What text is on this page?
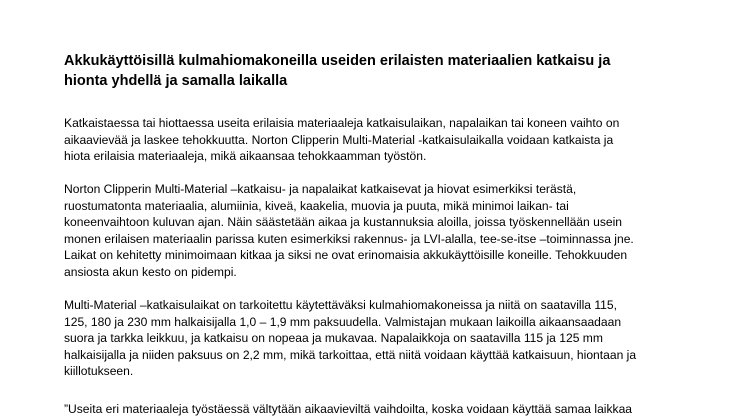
Akkukäyttöisillä kulmahiomakoneilla useiden erilaisten materiaalien katkaisu ja
hionta yhdellä ja samalla laikalla

Katkaistaessa tai hiottaessa useita erilaisia materiaaleja katkaisulaikan, napalaikan tai koneen vaihto on
aikaavievää ja laskee tehokkuutta. Norton Clipperin Multi-Material -katkaisulaikalla voidaan katkaista ja
hiota erilaisia materiaaleja, mikä aikaansaa tehokkaamman työstön.

Norton Clipperin Multi-Material –katkaisu- ja napalaikat katkaisevat ja hiovat esimerkiksi terästä,
ruostumatonta materiaalia, alumiinia, kiveä, kaakelia, muovia ja puuta, mikä minimoi laikan- tai
koneenvaihtoon kuluvan ajan. Näin säästetään aikaa ja kustannuksia aloilla, joissa työskennellään usein
monen erilaisen materiaalin parissa kuten esimerkiksi rakennus- ja LVI-alalla, tee-se-itse –toiminnassa jne.
Laikat on kehitetty minimoimaan kitkaa ja siksi ne ovat erinomaisia akkukäyttöisille koneille. Tehokkuuden
ansiosta akun kesto on pidempi.

Multi-Material –katkaisulaikat on tarkoitettu käytettäväksi kulmahiomakoneissa ja niitä on saatavilla 115,
125, 180 ja 230 mm halkaisijalla 1,0 – 1,9 mm paksuudella. Valmistajan mukaan laikoilla aikaansaadaan
suora ja tarkka leikkuu, ja katkaisu on nopeaa ja mukavaa. Napalaikkoja on saatavilla 115 ja 125 mm
halkaisijalla ja niiden paksuus on 2,2 mm, mikä tarkoittaa, että niitä voidaan käyttää katkaisuun, hiontaan ja
kiillotukseen.

”Useita eri materiaaleja työstäessä vältytään aikaavieviltä vaihdoilta, koska voidaan käyttää samaa laikkaa
